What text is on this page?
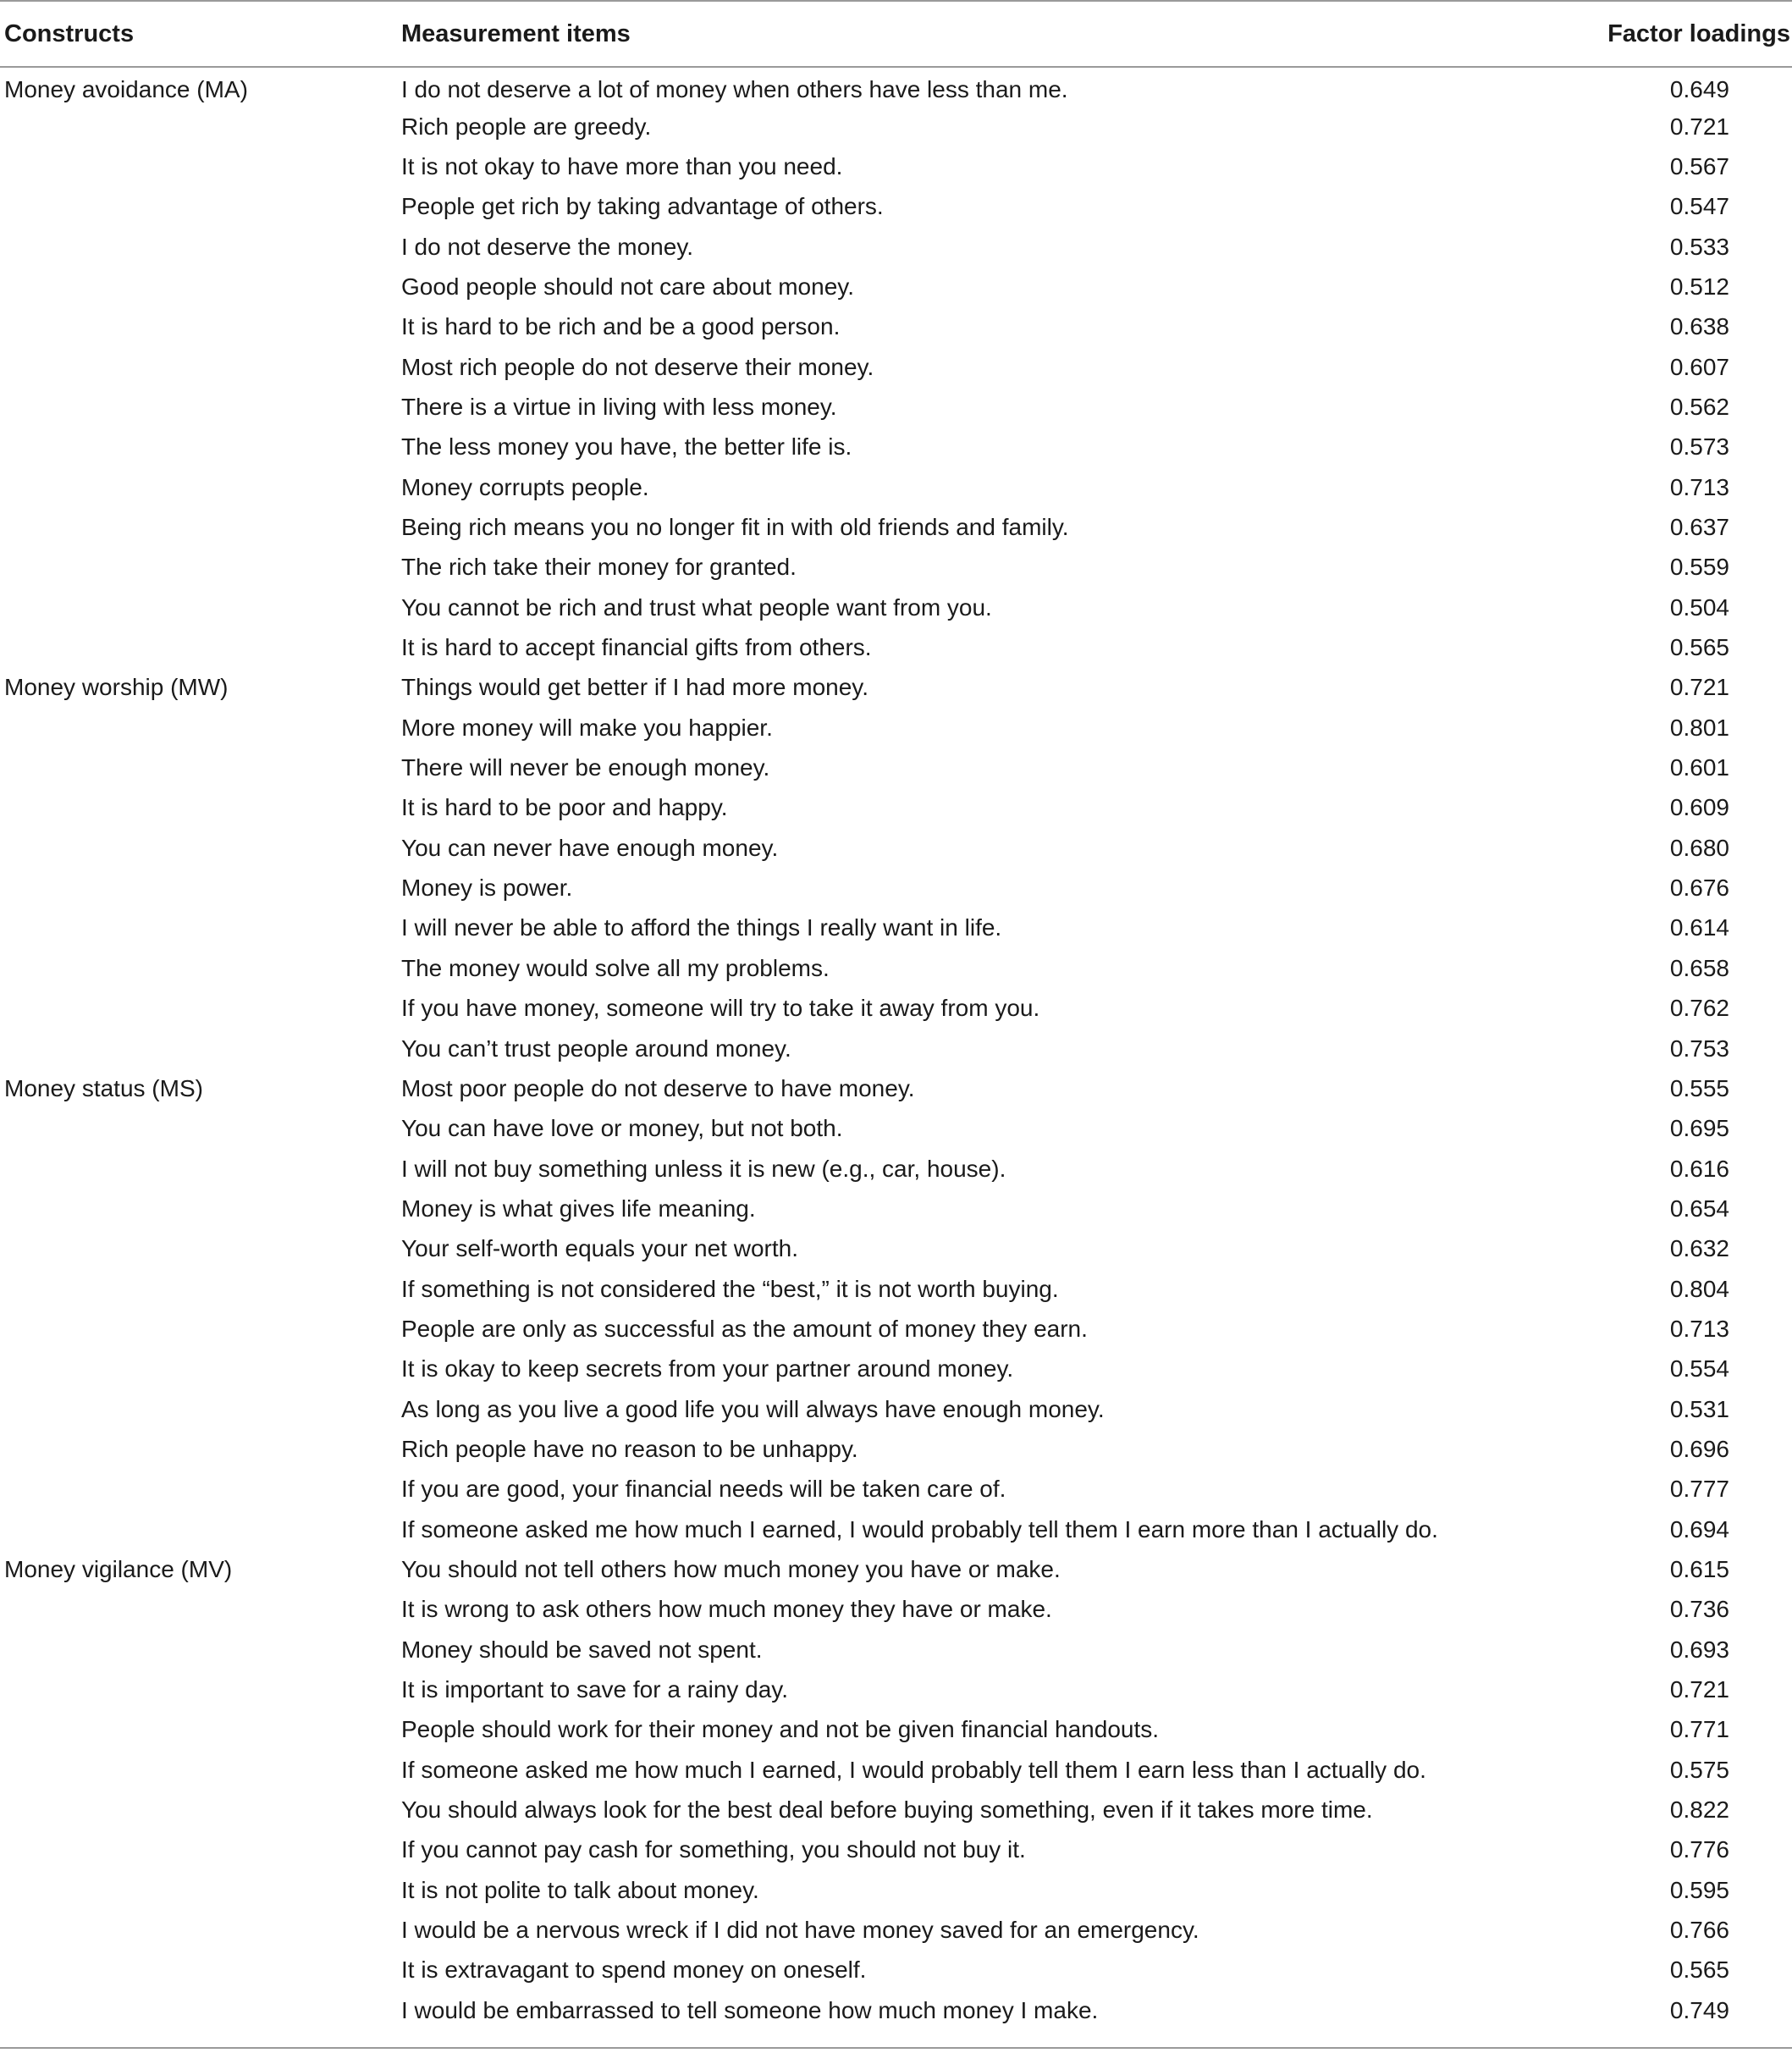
Constructs	Measurement items	Factor loadings
Money avoidance (MA)	I do not deserve a lot of money when others have less than me.	0.649
	Rich people are greedy.	0.721
	It is not okay to have more than you need.	0.567
	People get rich by taking advantage of others.	0.547
	I do not deserve the money.	0.533
	Good people should not care about money.	0.512
	It is hard to be rich and be a good person.	0.638
	Most rich people do not deserve their money.	0.607
	There is a virtue in living with less money.	0.562
	The less money you have, the better life is.	0.573
	Money corrupts people.	0.713
	Being rich means you no longer fit in with old friends and family.	0.637
	The rich take their money for granted.	0.559
	You cannot be rich and trust what people want from you.	0.504
	It is hard to accept financial gifts from others.	0.565
Money worship (MW)	Things would get better if I had more money.	0.721
	More money will make you happier.	0.801
	There will never be enough money.	0.601
	It is hard to be poor and happy.	0.609
	You can never have enough money.	0.680
	Money is power.	0.676
	I will never be able to afford the things I really want in life.	0.614
	The money would solve all my problems.	0.658
	If you have money, someone will try to take it away from you.	0.762
	You can’t trust people around money.	0.753
Money status (MS)	Most poor people do not deserve to have money.	0.555
	You can have love or money, but not both.	0.695
	I will not buy something unless it is new (e.g., car, house).	0.616
	Money is what gives life meaning.	0.654
	Your self-worth equals your net worth.	0.632
	If something is not considered the “best,” it is not worth buying.	0.804
	People are only as successful as the amount of money they earn.	0.713
	It is okay to keep secrets from your partner around money.	0.554
	As long as you live a good life you will always have enough money.	0.531
	Rich people have no reason to be unhappy.	0.696
	If you are good, your financial needs will be taken care of.	0.777
	If someone asked me how much I earned, I would probably tell them I earn more than I actually do.	0.694
Money vigilance (MV)	You should not tell others how much money you have or make.	0.615
	It is wrong to ask others how much money they have or make.	0.736
	Money should be saved not spent.	0.693
	It is important to save for a rainy day.	0.721
	People should work for their money and not be given financial handouts.	0.771
	If someone asked me how much I earned, I would probably tell them I earn less than I actually do.	0.575
	You should always look for the best deal before buying something, even if it takes more time.	0.822
	If you cannot pay cash for something, you should not buy it.	0.776
	It is not polite to talk about money.	0.595
	I would be a nervous wreck if I did not have money saved for an emergency.	0.766
	It is extravagant to spend money on oneself.	0.565
	I would be embarrassed to tell someone how much money I make.	0.749
